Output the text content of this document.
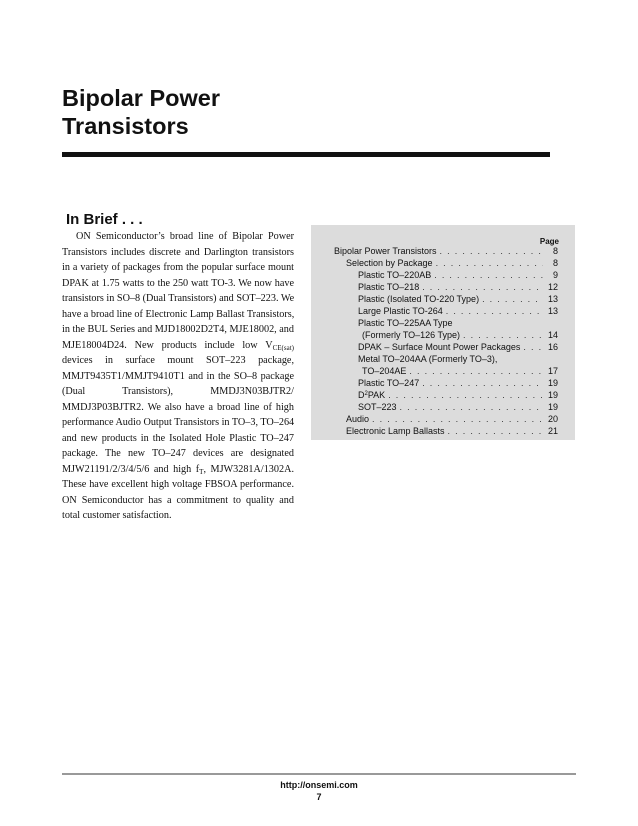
Bipolar Power
Transistors
In Brief . . .
ON Semiconductor’s broad line of Bipolar Power
Transistors includes discrete and Darlington transistors
in a variety of packages from the popular surface mount
DPAK at 1.75 watts to the 250 watt TO-3. We now have
transistors in SO–8 (Dual Transistors) and SOT–223. We
have a broad line of Electronic Lamp Ballast Transistors,
in the BUL Series and MJD18002D2T4, MJE18002, and
MJE18004D24. New products include low $V_{CE(sat)}$
devices in surface mount SOT–223 package,
MMJT9435T1/MMJT9410T1 and in the SO–8 package
(Dual Transistors), MMDJ3N03BJTR2/
MMDJ3P03BJTR2. We also have a broad line of high
performance Audio Output Transistors in TO–3, TO–264
and new products in the Isolated Hole Plastic TO–247
package. The new TO–247 devices are designated
MJW21191/2/3/4/5/6 and high $f_T$, MJW3281A/1302A.
These have excellent high voltage FBSOA performance.
ON Semiconductor has a commitment to quality and
total customer satisfaction.
Page
Bipolar Power Transistors . . .	8
Selection by Package . . .	8
Plastic TO–220AB . . .	9
Plastic TO–218 . . .	12
Plastic (Isolated TO-220 Type) . . .	13
Large Plastic TO-264 . . .	13
Plastic TO–225AA Type
(Formerly TO–126 Type) . . .	14
DPAK – Surface Mount Power Packages . . .	16
Metal TO–204AA (Formerly TO–3),
TO–204AE . . .	17
Plastic TO–247 . . .	19
$D^2PAK$ . . .	19
SOT–223 . . .	19
Audio . . .	20
Electronic Lamp Ballasts . . .	21
http://onsemi.com
7
